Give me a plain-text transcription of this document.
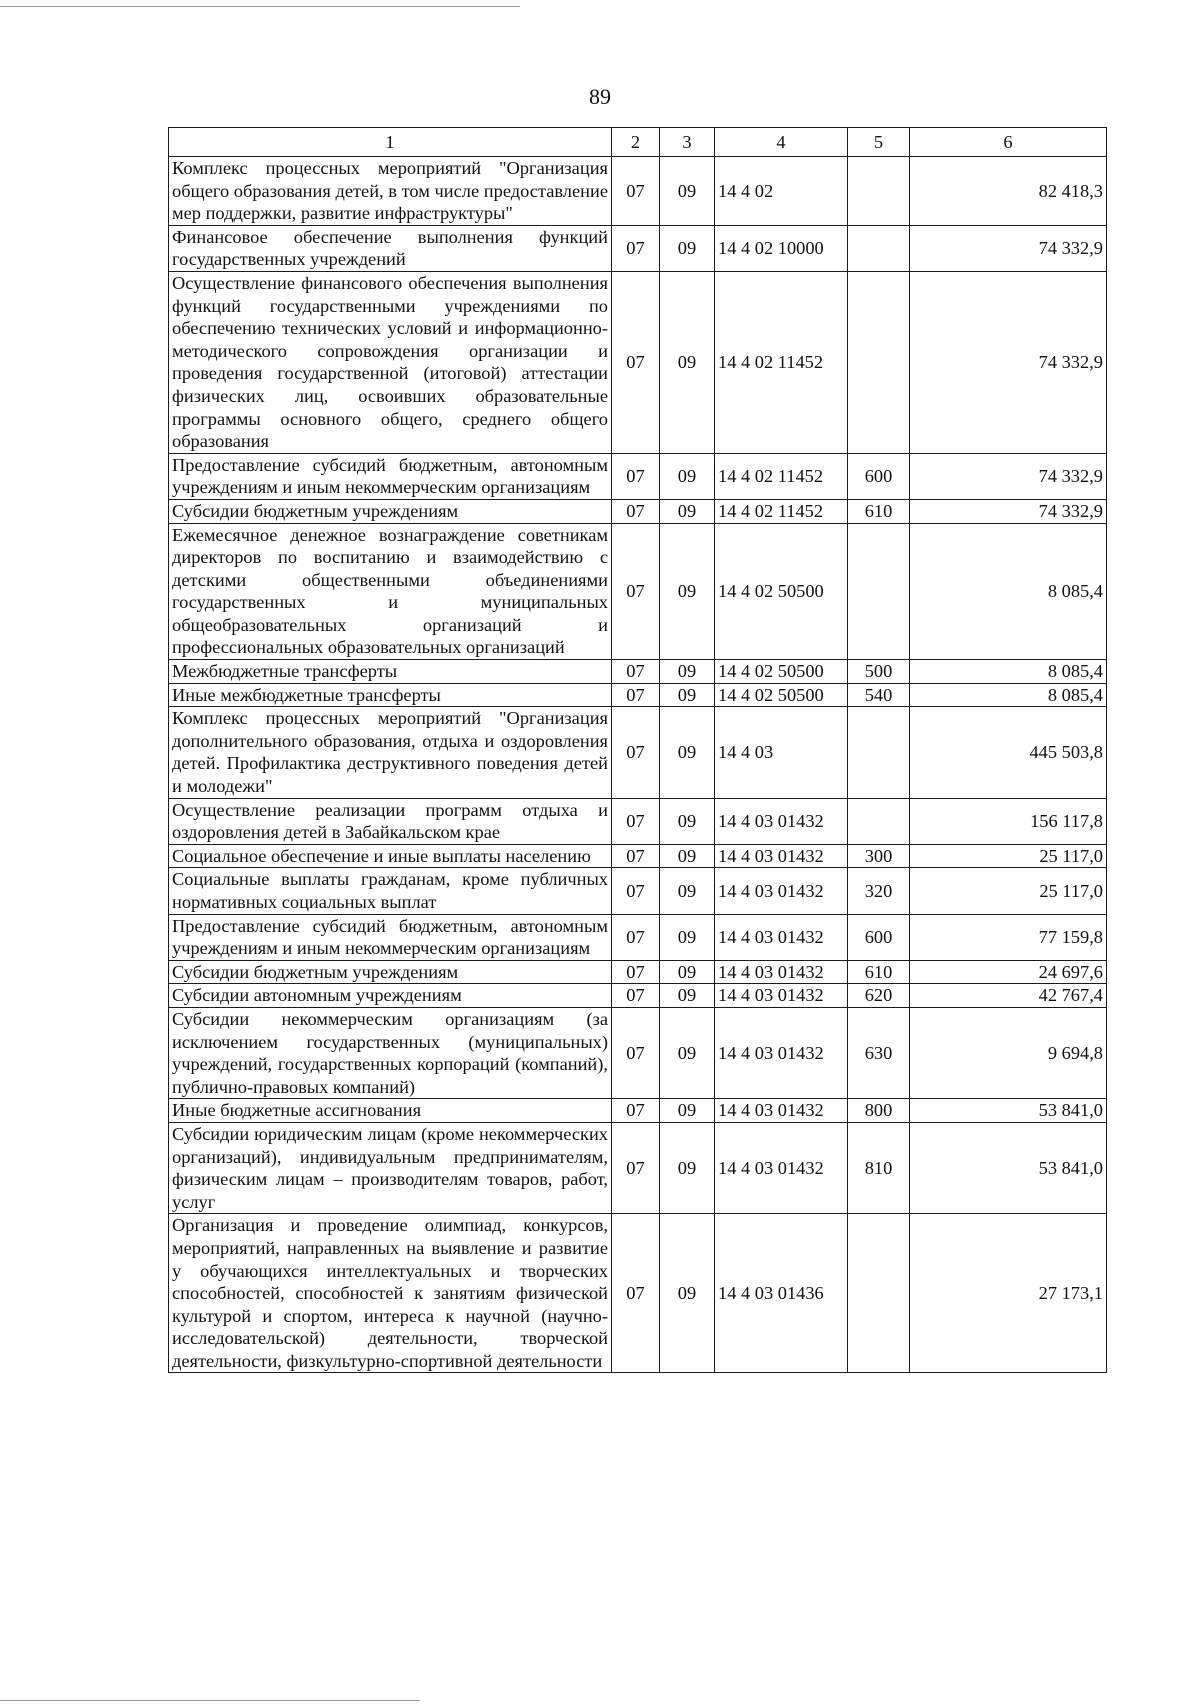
89
1	2	3	4	5	6
Комплекс процессных мероприятий "Организация общего образования детей, в том числе предоставление мер поддержки, развитие инфраструктуры"	07	09	14 4 02		82 418,3
Финансовое обеспечение выполнения функций государственных учреждений	07	09	14 4 02 10000		74 332,9
Осуществление финансового обеспечения выполнения функций государственными учреждениями по обеспечению технических условий и информационно-методического сопровождения организации и проведения государственной (итоговой) аттестации физических лиц, освоивших образовательные программы основного общего, среднего общего образования	07	09	14 4 02 11452		74 332,9
Предоставление субсидий бюджетным, автономным учреждениям и иным некоммерческим организациям	07	09	14 4 02 11452	600	74 332,9
Субсидии бюджетным учреждениям	07	09	14 4 02 11452	610	74 332,9
Ежемесячное денежное вознаграждение советникам директоров по воспитанию и взаимодействию с детскими общественными объединениями государственных и муниципальных общеобразовательных организаций и профессиональных образовательных организаций	07	09	14 4 02 50500		8 085,4
Межбюджетные трансферты	07	09	14 4 02 50500	500	8 085,4
Иные межбюджетные трансферты	07	09	14 4 02 50500	540	8 085,4
Комплекс процессных мероприятий "Организация дополнительного образования, отдыха и оздоровления детей. Профилактика деструктивного поведения детей и молодежи"	07	09	14 4 03		445 503,8
Осуществление реализации программ отдыха и оздоровления детей в Забайкальском крае	07	09	14 4 03 01432		156 117,8
Социальное обеспечение и иные выплаты населению	07	09	14 4 03 01432	300	25 117,0
Социальные выплаты гражданам, кроме публичных нормативных социальных выплат	07	09	14 4 03 01432	320	25 117,0
Предоставление субсидий бюджетным, автономным учреждениям и иным некоммерческим организациям	07	09	14 4 03 01432	600	77 159,8
Субсидии бюджетным учреждениям	07	09	14 4 03 01432	610	24 697,6
Субсидии автономным учреждениям	07	09	14 4 03 01432	620	42 767,4
Субсидии некоммерческим организациям (за исключением государственных (муниципальных) учреждений, государственных корпораций (компаний), публично-правовых компаний)	07	09	14 4 03 01432	630	9 694,8
Иные бюджетные ассигнования	07	09	14 4 03 01432	800	53 841,0
Субсидии юридическим лицам (кроме некоммерческих организаций), индивидуальным предпринимателям, физическим лицам – производителям товаров, работ, услуг	07	09	14 4 03 01432	810	53 841,0
Организация и проведение олимпиад, конкурсов, мероприятий, направленных на выявление и развитие у обучающихся интеллектуальных и творческих способностей, способностей к занятиям физической культурой и спортом, интереса к научной (научно-исследовательской) деятельности, творческой деятельности, физкультурно-спортивной деятельности	07	09	14 4 03 01436		27 173,1
